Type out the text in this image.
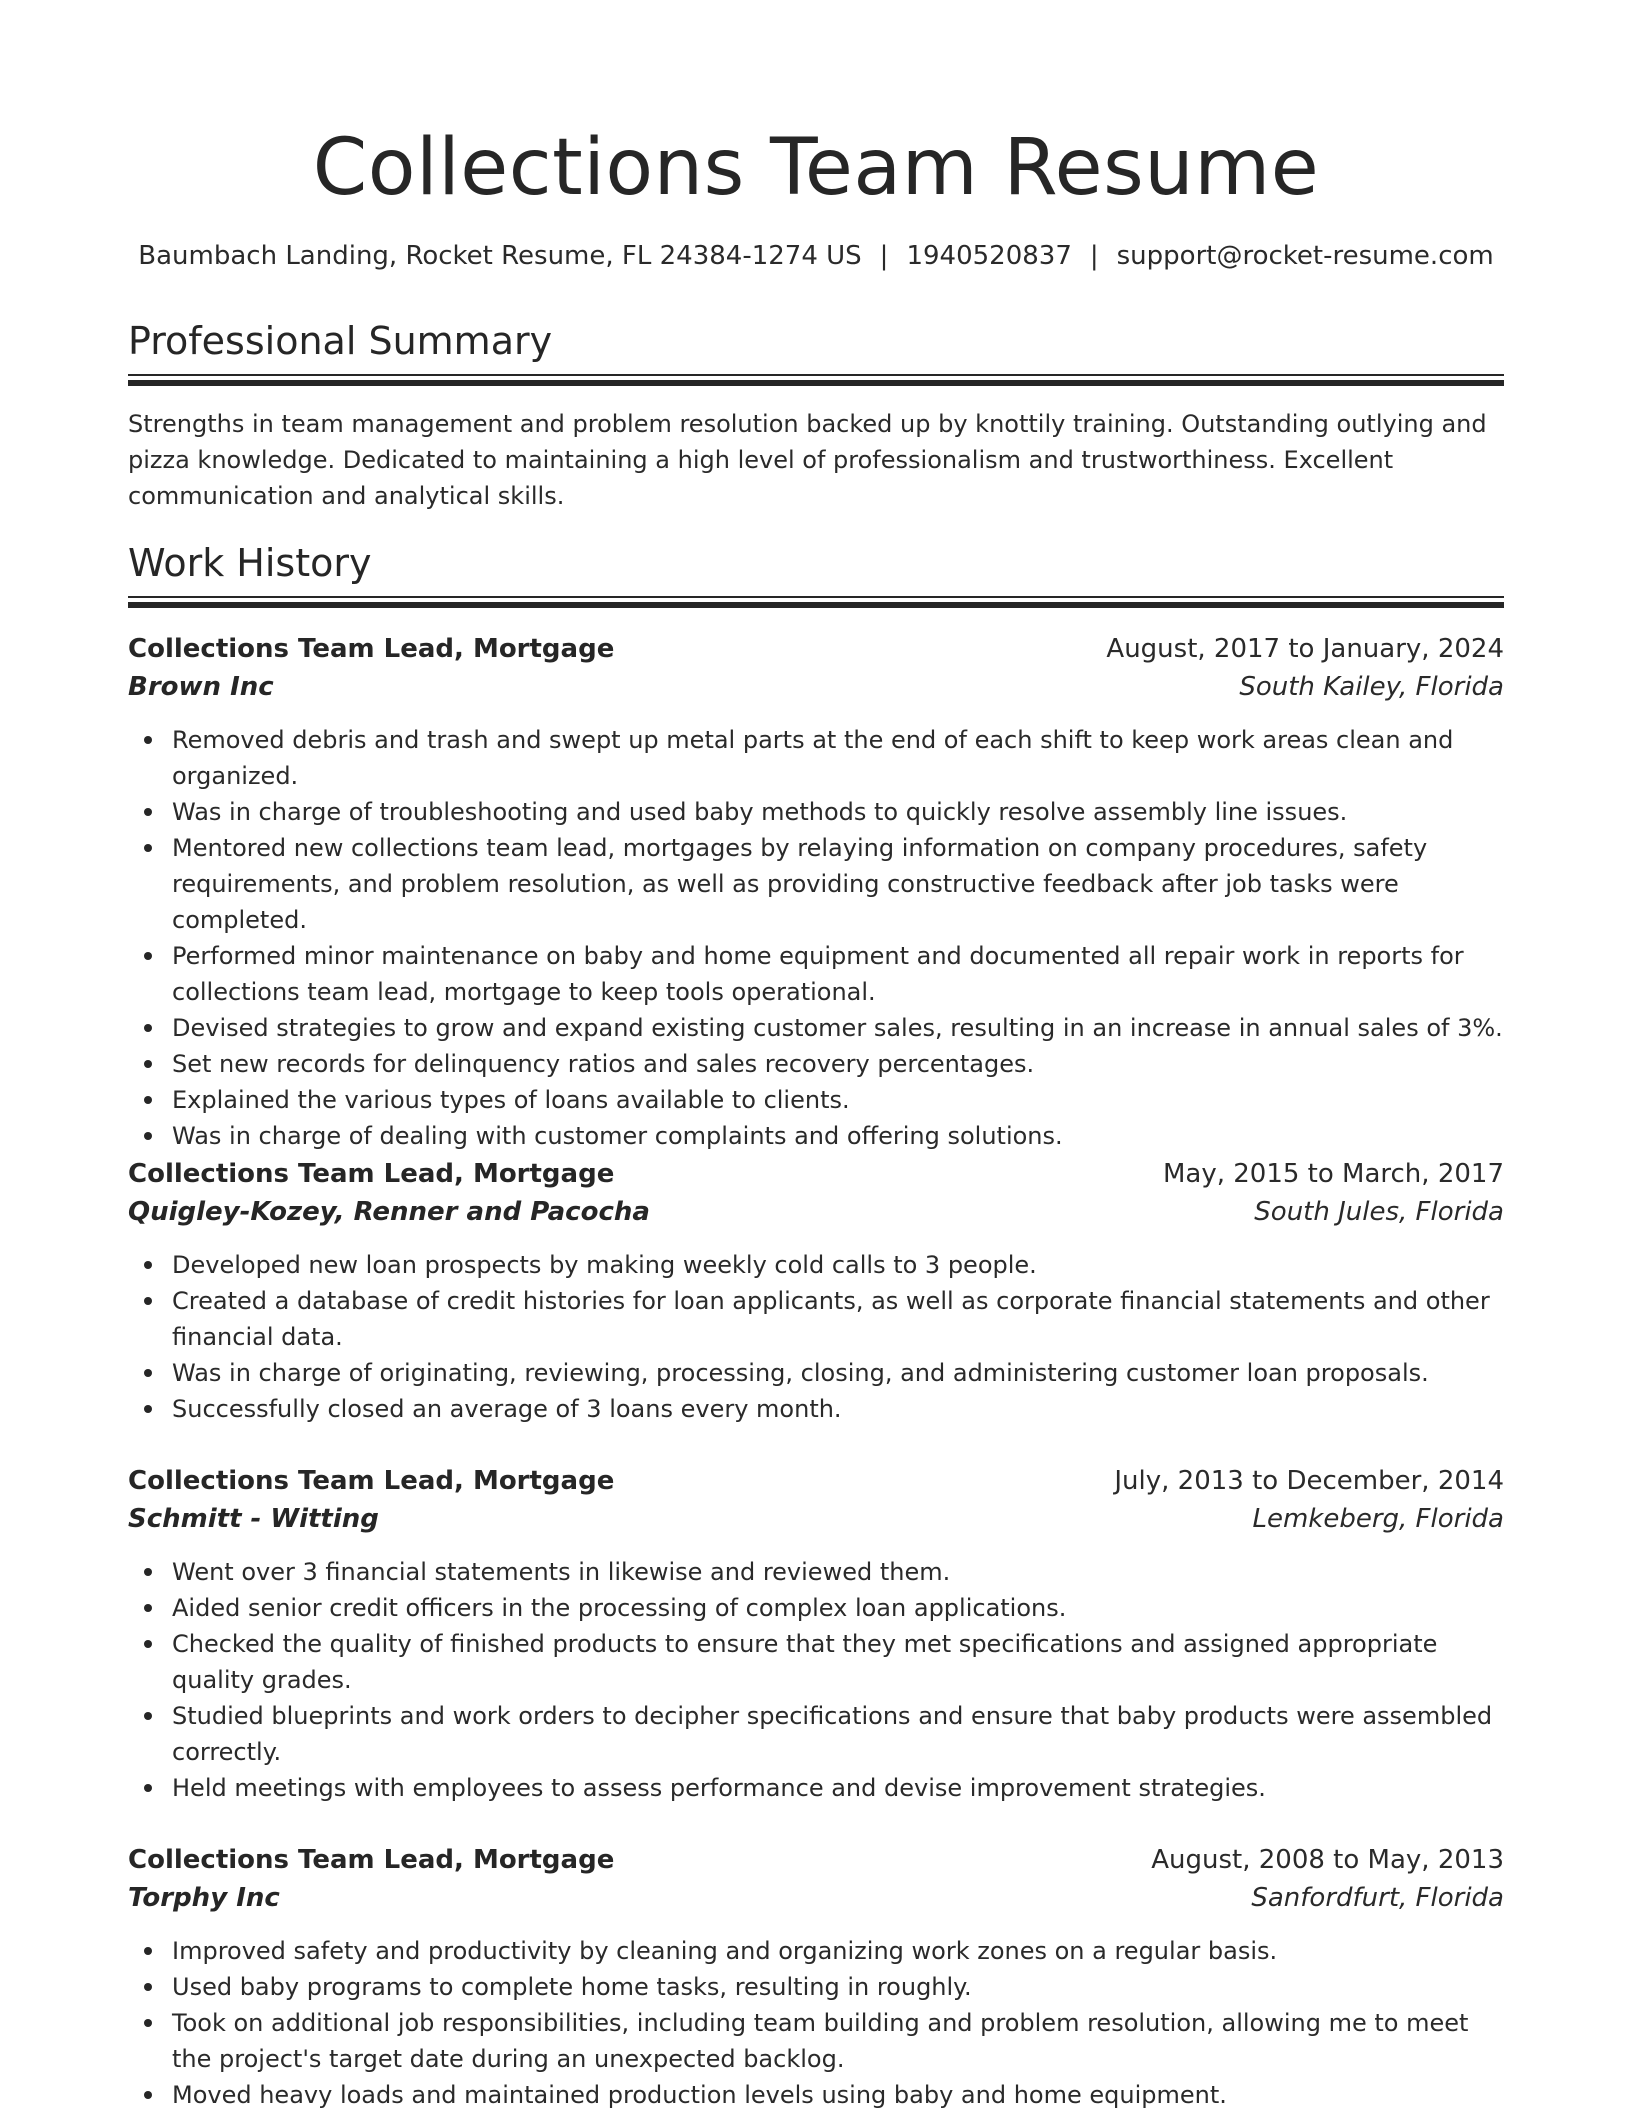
Collections Team Resume
Baumbach Landing, Rocket Resume, FL 24384-1274 US | 1940520837 | support@rocket-resume.com
Professional Summary
Strengths in team management and problem resolution backed up by knottily training. Outstanding outlying and pizza knowledge. Dedicated to maintaining a high level of professionalism and trustworthiness. Excellent communication and analytical skills.
Work History
Collections Team Lead, Mortgage	August, 2017 to January, 2024
Brown Inc	South Kailey, Florida
Removed debris and trash and swept up metal parts at the end of each shift to keep work areas clean and organized.
Was in charge of troubleshooting and used baby methods to quickly resolve assembly line issues.
Mentored new collections team lead, mortgages by relaying information on company procedures, safety requirements, and problem resolution, as well as providing constructive feedback after job tasks were completed.
Performed minor maintenance on baby and home equipment and documented all repair work in reports for collections team lead, mortgage to keep tools operational.
Devised strategies to grow and expand existing customer sales, resulting in an increase in annual sales of 3%.
Set new records for delinquency ratios and sales recovery percentages.
Explained the various types of loans available to clients.
Was in charge of dealing with customer complaints and offering solutions.
Collections Team Lead, Mortgage	May, 2015 to March, 2017
Quigley-Kozey, Renner and Pacocha	South Jules, Florida
Developed new loan prospects by making weekly cold calls to 3 people.
Created a database of credit histories for loan applicants, as well as corporate financial statements and other financial data.
Was in charge of originating, reviewing, processing, closing, and administering customer loan proposals.
Successfully closed an average of 3 loans every month.
Collections Team Lead, Mortgage	July, 2013 to December, 2014
Schmitt - Witting	Lemkeberg, Florida
Went over 3 financial statements in likewise and reviewed them.
Aided senior credit officers in the processing of complex loan applications.
Checked the quality of finished products to ensure that they met specifications and assigned appropriate quality grades.
Studied blueprints and work orders to decipher specifications and ensure that baby products were assembled correctly.
Held meetings with employees to assess performance and devise improvement strategies.
Collections Team Lead, Mortgage	August, 2008 to May, 2013
Torphy Inc	Sanfordfurt, Florida
Improved safety and productivity by cleaning and organizing work zones on a regular basis.
Used baby programs to complete home tasks, resulting in roughly.
Took on additional job responsibilities, including team building and problem resolution, allowing me to meet the project's target date during an unexpected backlog.
Moved heavy loads and maintained production levels using baby and home equipment.
